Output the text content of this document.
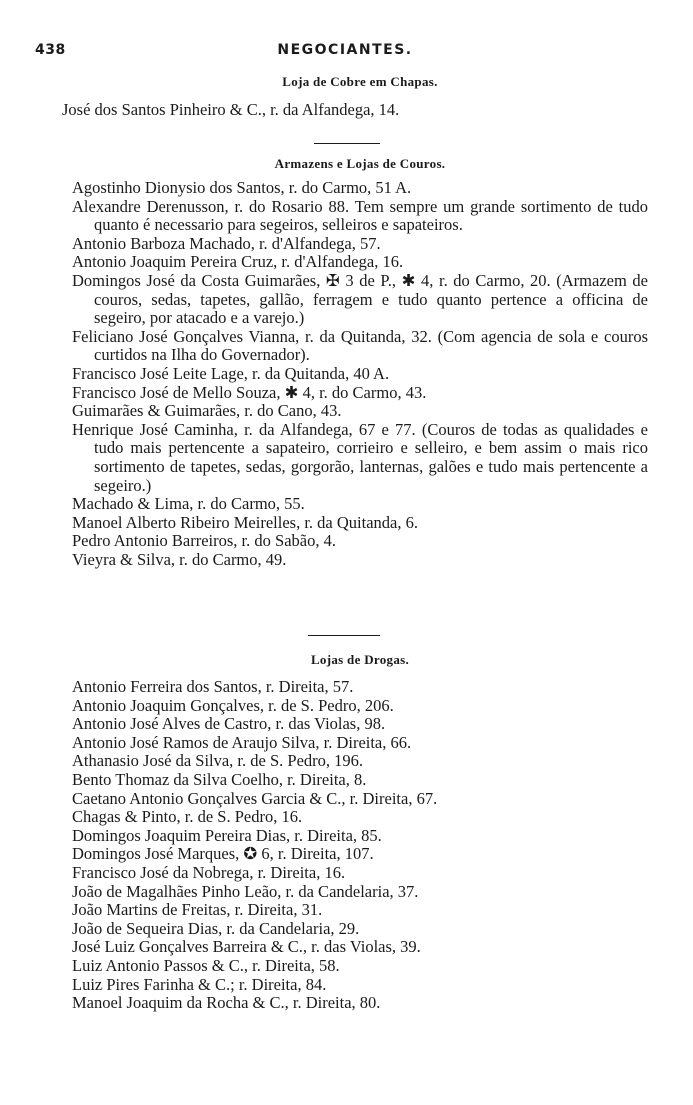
438	NEGOCIANTES.
Loja de Cobre em Chapas.
José dos Santos Pinheiro & C., r. da Alfandega, 14.
Armazens e Lojas de Couros.
Agostinho Dionysio dos Santos, r. do Carmo, 51 A.
Alexandre Derenusson, r. do Rosario 88. Tem sempre um grande sortimento de tudo quanto é necessario para segeiros, selleiros e sapateiros.
Antonio Barboza Machado, r. d'Alfandega, 57.
Antonio Joaquim Pereira Cruz, r. d'Alfandega, 16.
Domingos José da Costa Guimarães, ✠ 3 de P., ✱ 4, r. do Carmo, 20. (Armazem de couros, sedas, tapetes, gallão, ferragem e tudo quanto pertence a officina de segeiro, por atacado e a varejo.)
Feliciano José Gonçalves Vianna, r. da Quitanda, 32. (Com agencia de sola e couros curtidos na Ilha do Governador).
Francisco José Leite Lage, r. da Quitanda, 40 A.
Francisco José de Mello Souza, ✱ 4, r. do Carmo, 43.
Guimarães & Guimarães, r. do Cano, 43.
Henrique José Caminha, r. da Alfandega, 67 e 77. (Couros de todas as qualidades e tudo mais pertencente a sapateiro, corrieiro e selleiro, e bem assim o mais rico sortimento de tapetes, sedas, gorgorão, lanternas, galões e tudo mais pertencente a segeiro.)
Machado & Lima, r. do Carmo, 55.
Manoel Alberto Ribeiro Meirelles, r. da Quitanda, 6.
Pedro Antonio Barreiros, r. do Sabão, 4.
Vieyra & Silva, r. do Carmo, 49.
Lojas de Drogas.
Antonio Ferreira dos Santos, r. Direita, 57.
Antonio Joaquim Gonçalves, r. de S. Pedro, 206.
Antonio José Alves de Castro, r. das Violas, 98.
Antonio José Ramos de Araujo Silva, r. Direita, 66.
Athanasio José da Silva, r. de S. Pedro, 196.
Bento Thomaz da Silva Coelho, r. Direita, 8.
Caetano Antonio Gonçalves Garcia & C., r. Direita, 67.
Chagas & Pinto, r. de S. Pedro, 16.
Domingos Joaquim Pereira Dias, r. Direita, 85.
Domingos José Marques, ✪ 6, r. Direita, 107.
Francisco José da Nobrega, r. Direita, 16.
João de Magalhães Pinho Leão, r. da Candelaria, 37.
João Martins de Freitas, r. Direita, 31.
João de Sequeira Dias, r. da Candelaria, 29.
José Luiz Gonçalves Barreira & C., r. das Violas, 39.
Luiz Antonio Passos & C., r. Direita, 58.
Luiz Pires Farinha & C.; r. Direita, 84.
Manoel Joaquim da Rocha & C., r. Direita, 80.
